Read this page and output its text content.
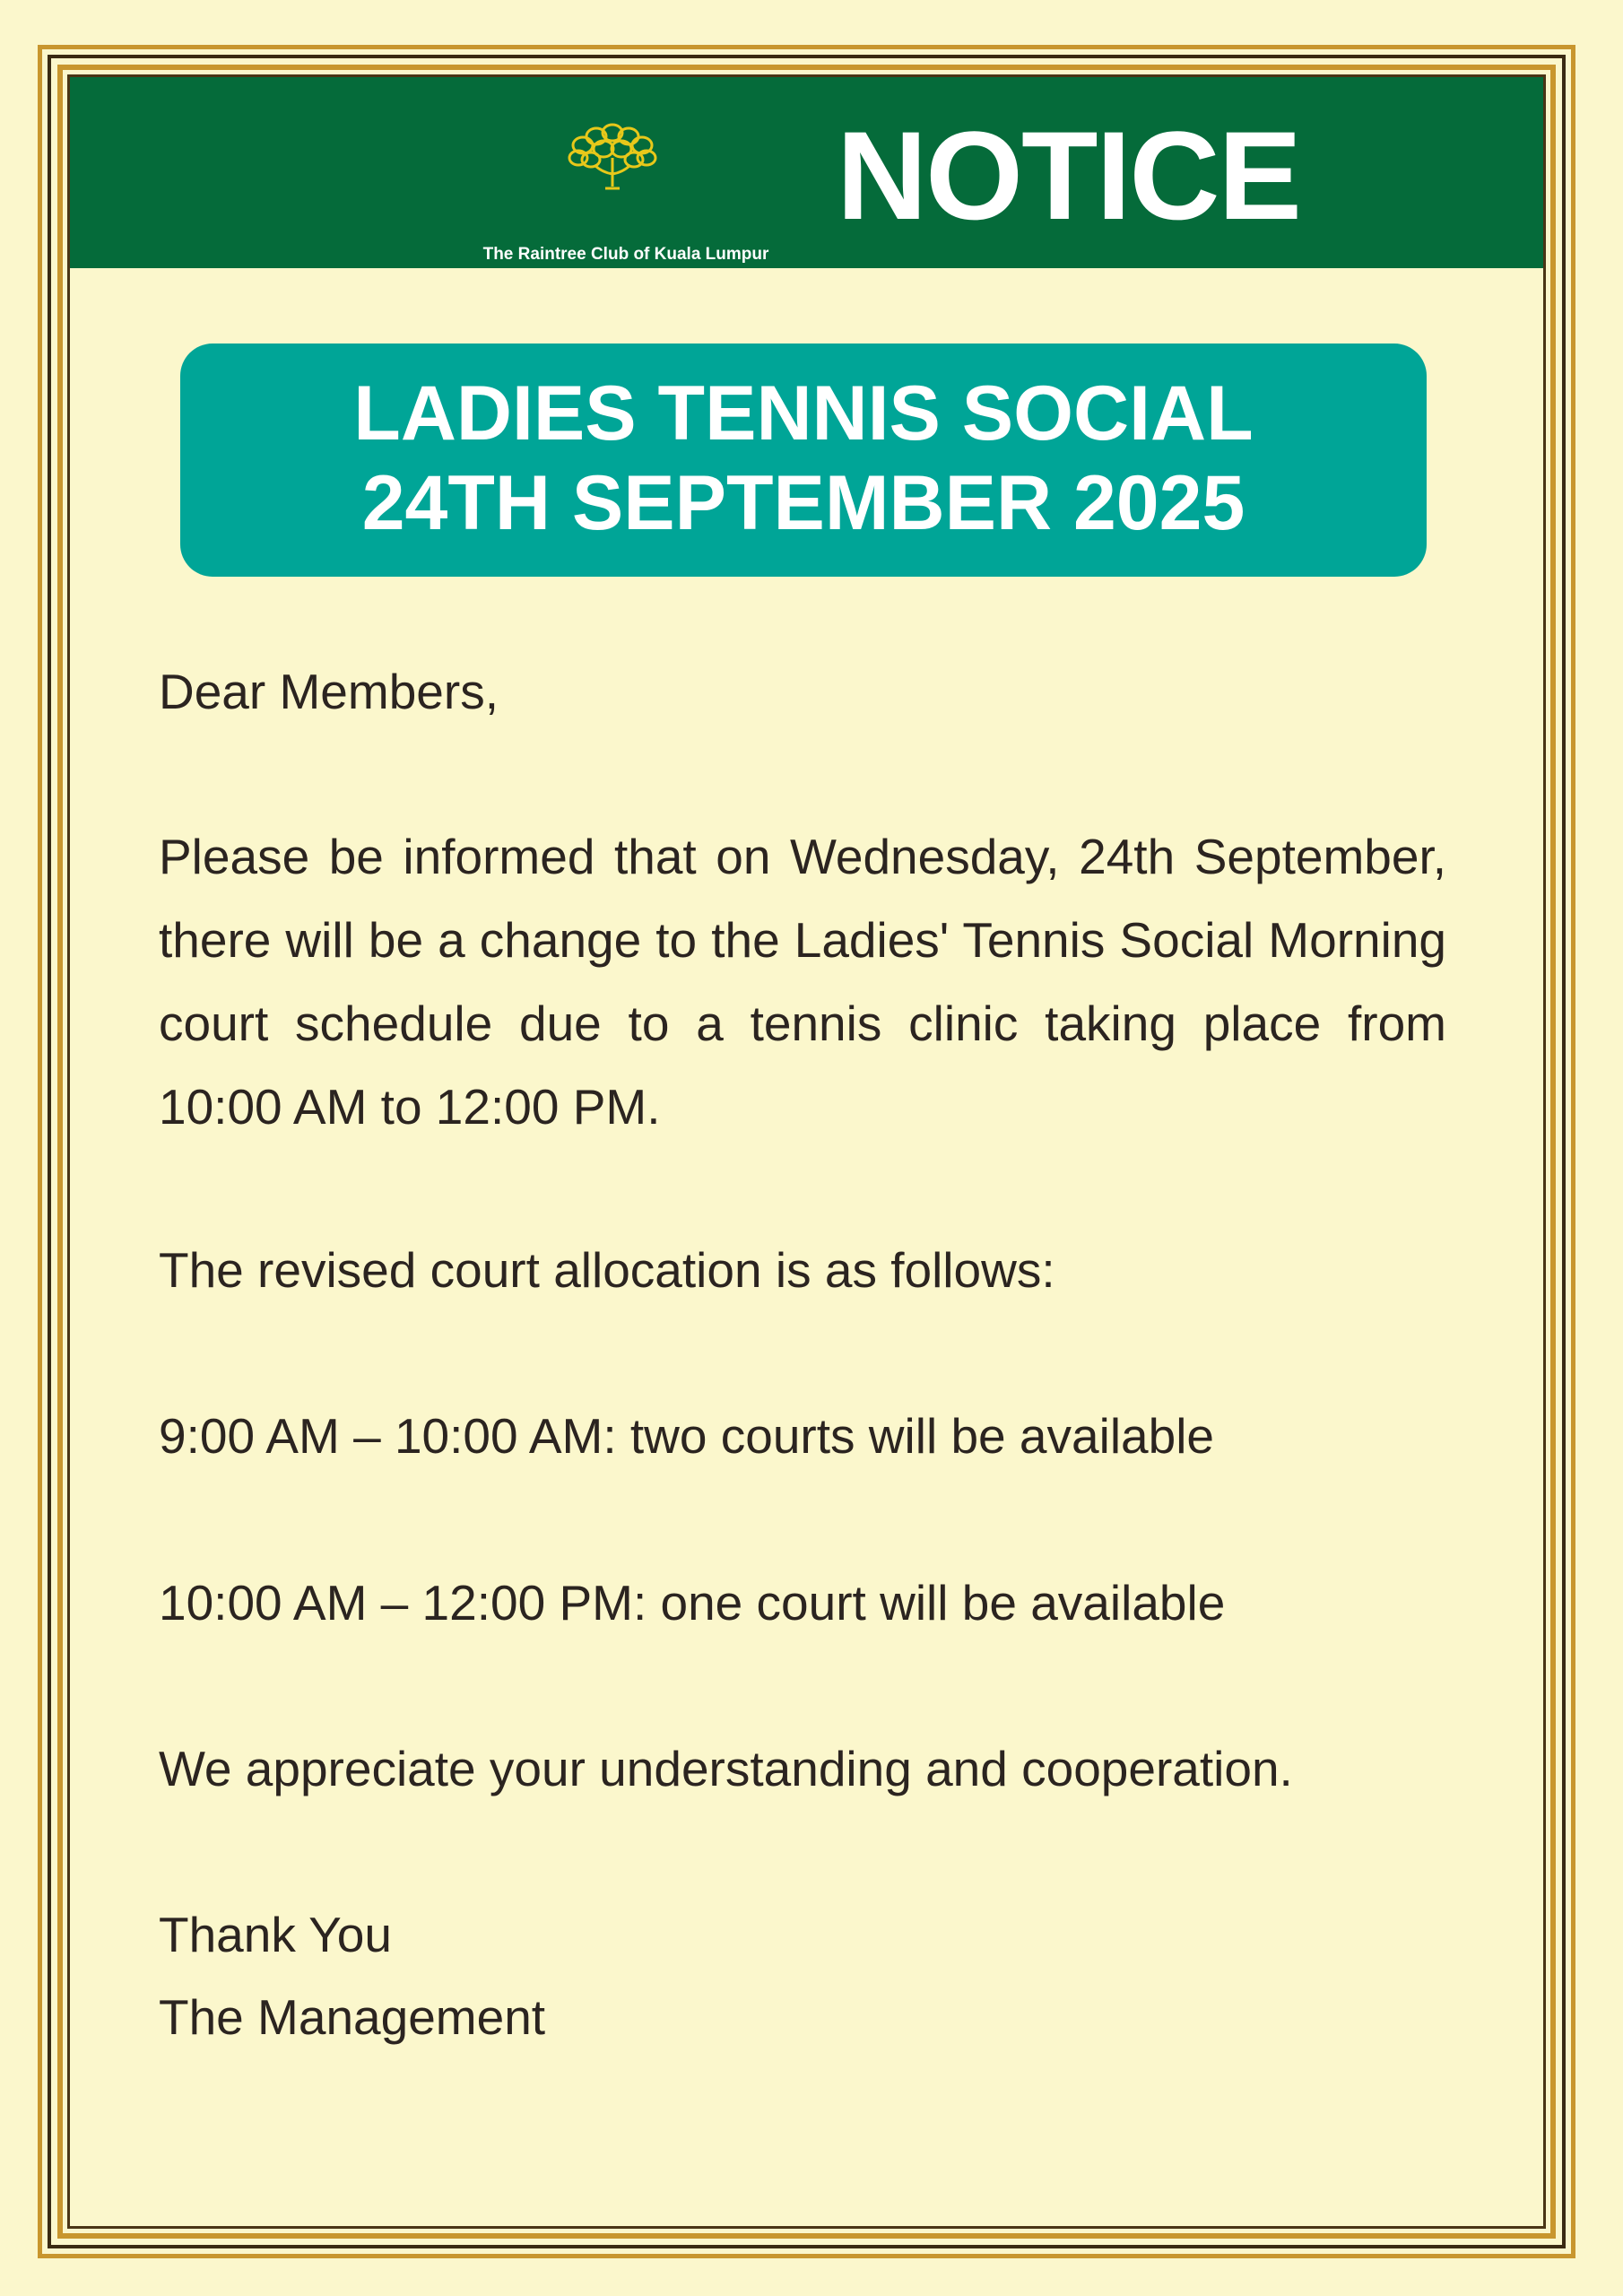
The Raintree Club of Kuala Lumpur
NOTICE
LADIES TENNIS SOCIAL
24TH SEPTEMBER 2025
Dear Members,
Please be informed that on Wednesday, 24th September, there will be a change to the Ladies' Tennis Social Morning court schedule due to a tennis clinic taking place from 10:00 AM to 12:00 PM.
The revised court allocation is as follows:
9:00 AM – 10:00 AM: two courts will be available
10:00 AM – 12:00 PM: one court will be available
We appreciate your understanding and cooperation.
Thank You
The Management
